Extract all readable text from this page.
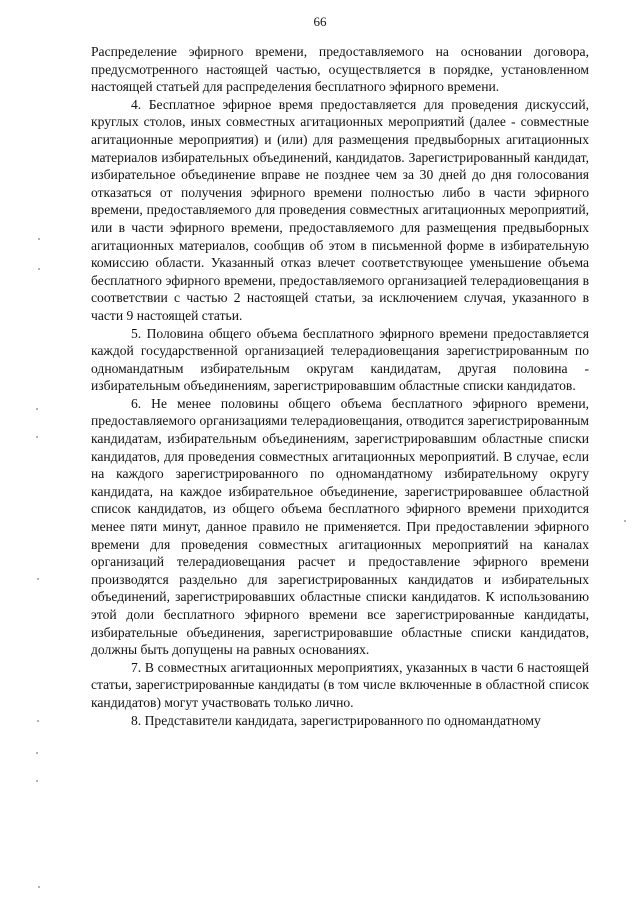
66

Распределение эфирного времени, предоставляемого на основании договора, предусмотренного настоящей частью, осуществляется в порядке, установленном настоящей статьей для распределения бесплатного эфирного времени.

4. Бесплатное эфирное время предоставляется для проведения дискуссий, круглых столов, иных совместных агитационных мероприятий (далее - совместные агитационные мероприятия) и (или) для размещения предвыборных агитационных материалов избирательных объединений, кандидатов. Зарегистрированный кандидат, избирательное объединение вправе не позднее чем за 30 дней до дня голосования отказаться от получения эфирного времени полностью либо в части эфирного времени, предоставляемого для проведения совместных агитационных мероприятий, или в части эфирного времени, предоставляемого для размещения предвыборных агитационных материалов, сообщив об этом в письменной форме в избирательную комиссию области. Указанный отказ влечет соответствующее уменьшение объема бесплатного эфирного времени, предоставляемого организацией телерадиовещания в соответствии с частью 2 настоящей статьи, за исключением случая, указанного в части 9 настоящей статьи.

5. Половина общего объема бесплатного эфирного времени предоставляется каждой государственной организацией телерадиовещания зарегистрированным по одномандатным избирательным округам кандидатам, другая половина - избирательным объединениям, зарегистрировавшим областные списки кандидатов.

6. Не менее половины общего объема бесплатного эфирного времени, предоставляемого организациями телерадиовещания, отводится зарегистрированным кандидатам, избирательным объединениям, зарегистрировавшим областные списки кандидатов, для проведения совместных агитационных мероприятий. В случае, если на каждого зарегистрированного по одномандатному избирательному округу кандидата, на каждое избирательное объединение, зарегистрировавшее областной список кандидатов, из общего объема бесплатного эфирного времени приходится менее пяти минут, данное правило не применяется. При предоставлении эфирного времени для проведения совместных агитационных мероприятий на каналах организаций телерадиовещания расчет и предоставление эфирного времени производятся раздельно для зарегистрированных кандидатов и избирательных объединений, зарегистрировавших областные списки кандидатов. К использованию этой доли бесплатного эфирного времени все зарегистрированные кандидаты, избирательные объединения, зарегистрировавшие областные списки кандидатов, должны быть допущены на равных основаниях.

7. В совместных агитационных мероприятиях, указанных в части 6 настоящей статьи, зарегистрированные кандидаты (в том числе включенные в областной список кандидатов) могут участвовать только лично.

8. Представители кандидата, зарегистрированного по одномандатному
